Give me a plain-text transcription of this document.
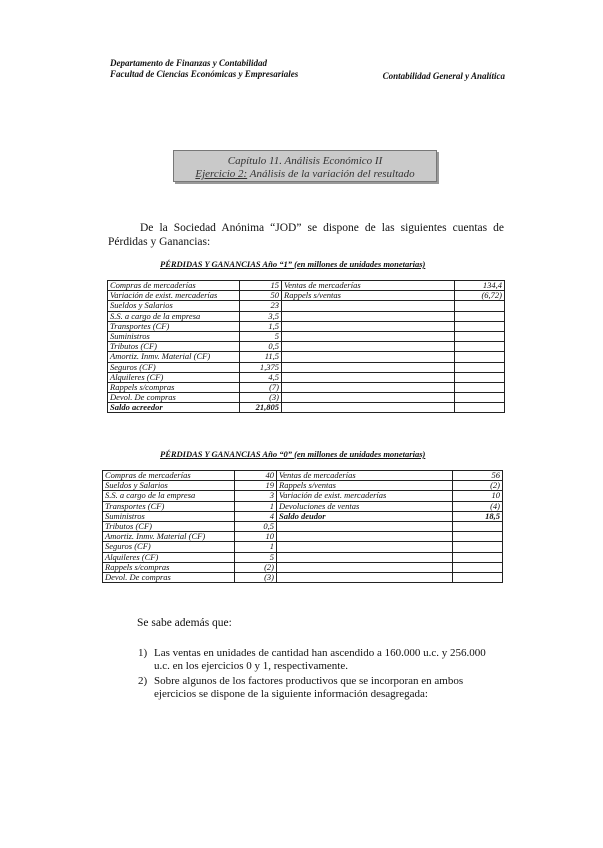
Departamento de Finanzas y Contabilidad
Facultad de Ciencias Económicas y Empresariales	Contabilidad General y Analítica
Capítulo 11. Análisis Económico II
Ejercicio 2: Análisis de la variación del resultado
De la Sociedad Anónima “JOD” se dispone de las siguientes cuentas de Pérdidas y Ganancias:
PÉRDIDAS Y GANANCIAS Año “1” (en millones de unidades monetarias)
Compras de mercaderías	15	Ventas de mercaderías	134,4
Variación de exist. mercaderías	50	Rappels s/ventas	(6,72)
Sueldos y Salarios	23		
S.S. a cargo de la empresa	3,5		
Transportes (CF)	1,5		
Suministros	5		
Tributos (CF)	0,5		
Amortiz. Inmv. Material (CF)	11,5		
Seguros (CF)	1,375		
Alquileres (CF)	4,5		
Rappels s/compras	(7)		
Devol. De compras	(3)		
Saldo acreedor	21,805		
PÉRDIDAS Y GANANCIAS Año “0” (en millones de unidades monetarias)
Compras de mercaderías	40	Ventas de mercaderías	56
Sueldos y Salarios	19	Rappels s/ventas	(2)
S.S. a cargo de la empresa	3	Variación de exist. mercaderías	10
Transportes (CF)	1	Devoluciones de ventas	(4)
Suministros	4	Saldo deudor	18,5
Tributos (CF)	0,5		
Amortiz. Inmv. Material (CF)	10		
Seguros (CF)	1		
Alquileres (CF)	5		
Rappels s/compras	(2)		
Devol. De compras	(3)		
Se sabe además que:
1) Las ventas en unidades de cantidad han ascendido a 160.000 u.c. y 256.000 u.c. en los ejercicios 0 y 1, respectivamente.
2) Sobre algunos de los factores productivos que se incorporan en ambos ejercicios se dispone de la siguiente información desagregada:
